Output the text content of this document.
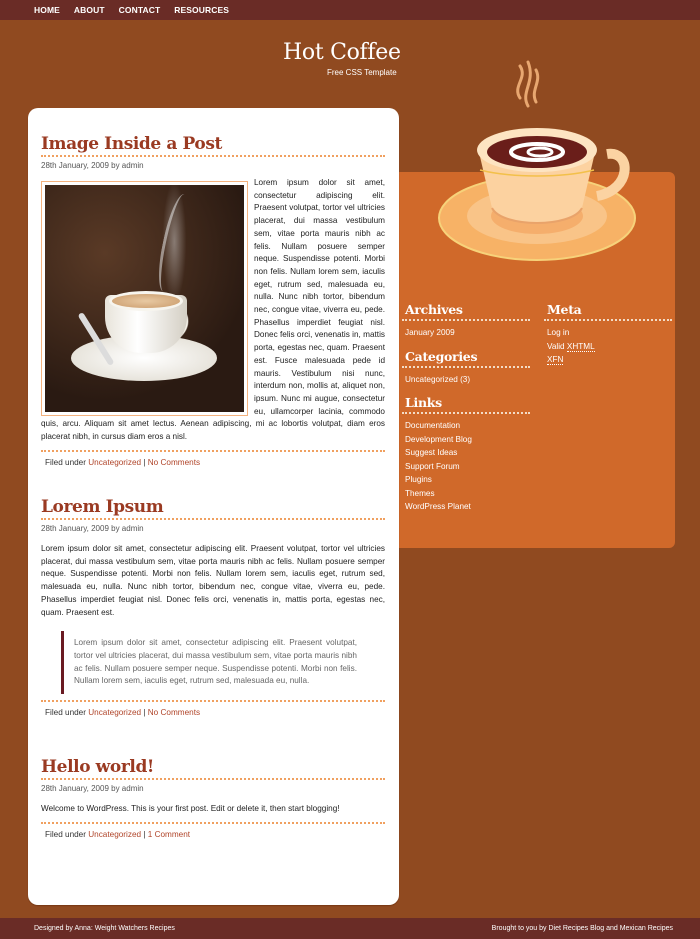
HOME ABOUT CONTACT RESOURCES
Hot Coffee
Free CSS Template
Archives
January 2009
Categories
Uncategorized (3)
Links
Documentation
Development Blog
Suggest Ideas
Support Forum
Plugins
Themes
WordPress Planet
Meta
Log in
Valid XHTML
XFN
Image Inside a Post
28th January, 2009 by admin
Lorem ipsum dolor sit amet, consectetur adipiscing elit. Praesent volutpat, tortor vel ultricies placerat, dui massa vestibulum sem, vitae porta mauris nibh ac felis. Nullam posuere semper neque. Suspendisse potenti. Morbi non felis. Nullam lorem sem, iaculis eget, rutrum sed, malesuada eu, nulla. Nunc nibh tortor, bibendum nec, congue vitae, viverra eu, pede. Phasellus imperdiet feugiat nisl. Donec felis orci, venenatis in, mattis porta, egestas nec, quam. Praesent est. Fusce malesuada pede id mauris. Vestibulum nisi nunc, interdum non, mollis at, aliquet non, ipsum. Nunc mi augue, consectetur eu, ullamcorper lacinia, commodo quis, arcu. Aliquam sit amet lectus. Aenean adipiscing, mi ac lobortis volutpat, diam eros placerat nibh, in cursus diam eros a nisl.
Filed under Uncategorized | No Comments
Lorem Ipsum
28th January, 2009 by admin
Lorem ipsum dolor sit amet, consectetur adipiscing elit. Praesent volutpat, tortor vel ultricies placerat, dui massa vestibulum sem, vitae porta mauris nibh ac felis. Nullam posuere semper neque. Suspendisse potenti. Morbi non felis. Nullam lorem sem, iaculis eget, rutrum sed, malesuada eu, nulla. Nunc nibh tortor, bibendum nec, congue vitae, viverra eu, pede. Phasellus imperdiet feugiat nisl. Donec felis orci, venenatis in, mattis porta, egestas nec, quam. Praesent est.
Lorem ipsum dolor sit amet, consectetur adipiscing elit. Praesent volutpat, tortor vel ultricies placerat, dui massa vestibulum sem, vitae porta mauris nibh ac felis. Nullam posuere semper neque. Suspendisse potenti. Morbi non felis. Nullam lorem sem, iaculis eget, rutrum sed, malesuada eu, nulla.
Filed under Uncategorized | No Comments
Hello world!
28th January, 2009 by admin
Welcome to WordPress. This is your first post. Edit or delete it, then start blogging!
Filed under Uncategorized | 1 Comment
Designed by Anna: Weight Watchers Recipes	Brought to you by Diet Recipes Blog and Mexican Recipes
